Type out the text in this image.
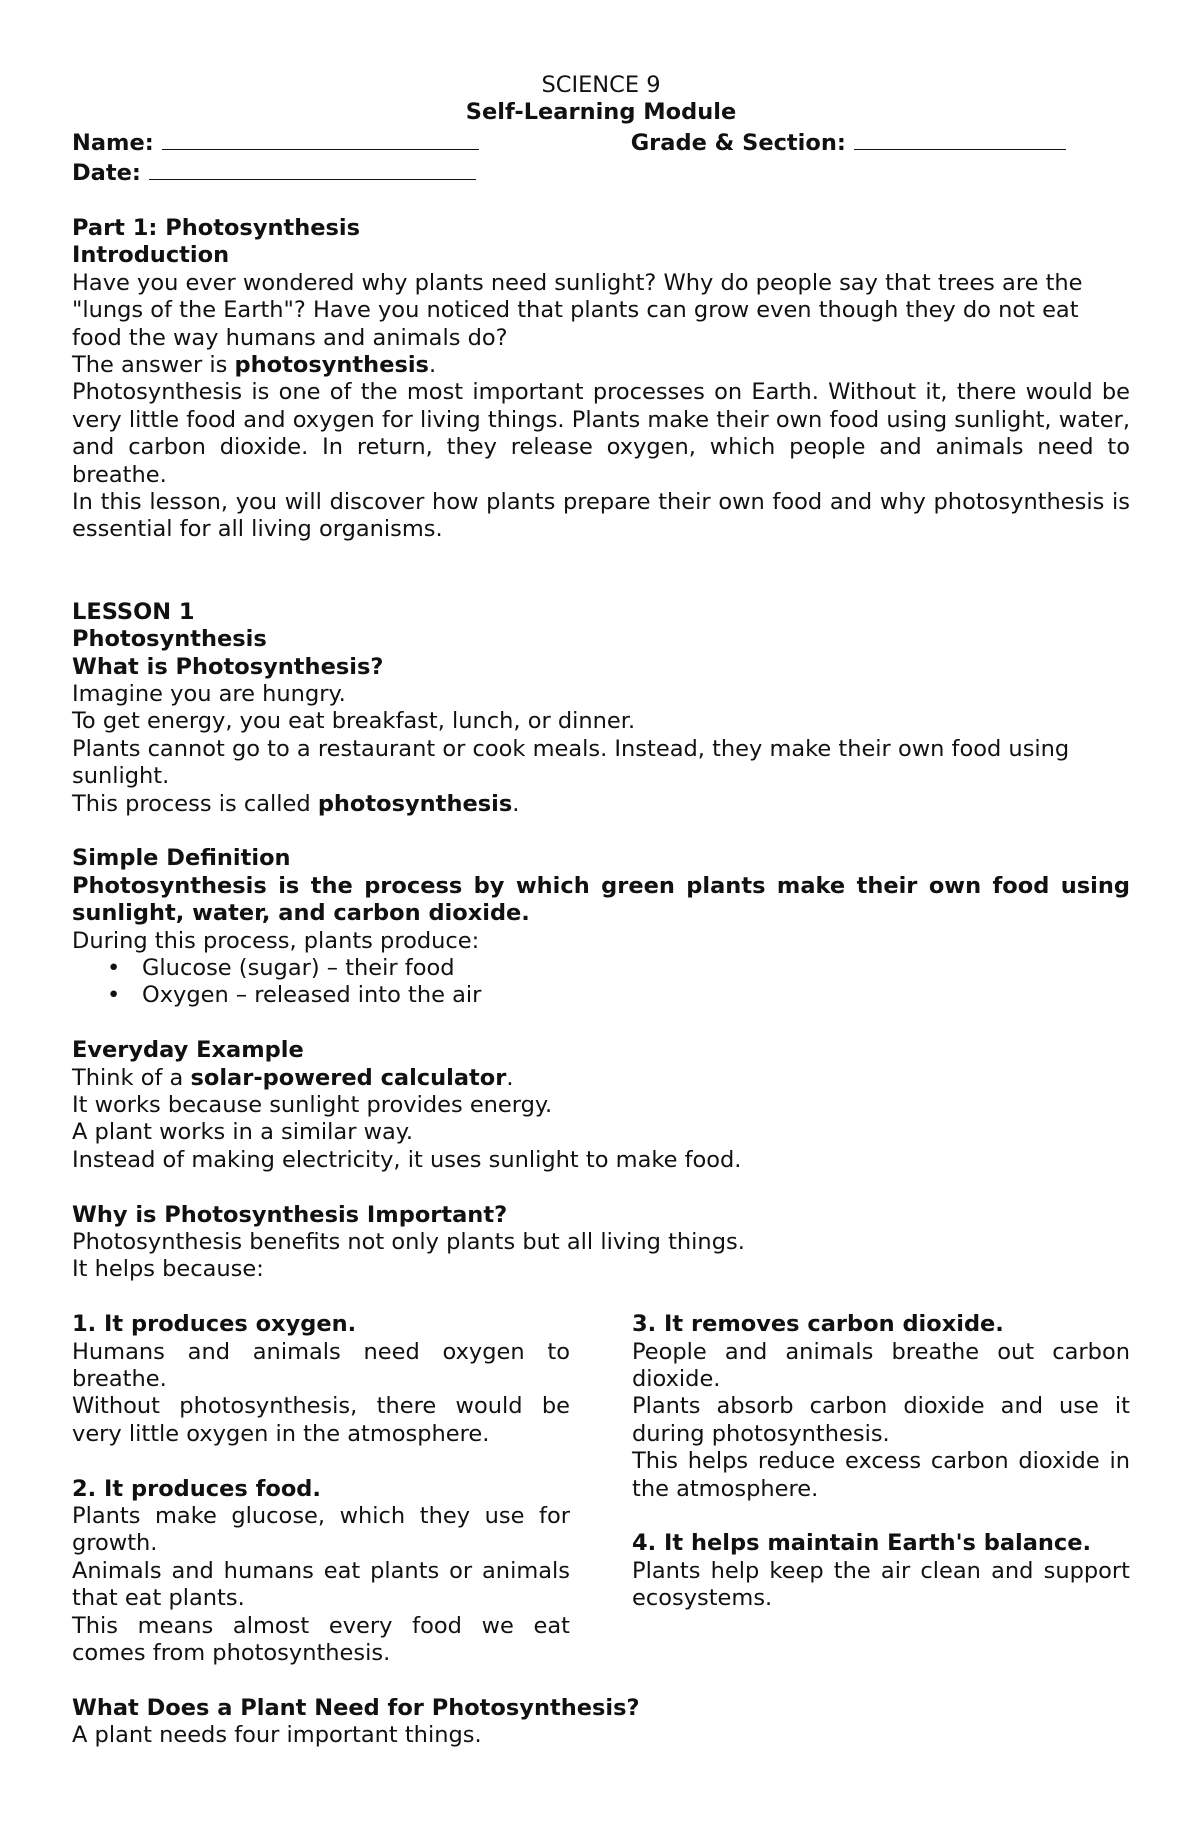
SCIENCE 9

Self-Learning Module

Name:	Grade & Section:
Date:

Part 1: Photosynthesis

Introduction

Have you ever wondered why plants need sunlight? Why do people say that trees are the "lungs of the Earth"? Have you noticed that plants can grow even though they do not eat food the way humans and animals do?

The answer is photosynthesis.

Photosynthesis is one of the most important processes on Earth. Without it, there would be very little food and oxygen for living things. Plants make their own food using sunlight, water, and carbon dioxide. In return, they release oxygen, which people and animals need to breathe.

In this lesson, you will discover how plants prepare their own food and why photosynthesis is essential for all living organisms.

LESSON 1

Photosynthesis

What is Photosynthesis?

Imagine you are hungry.

To get energy, you eat breakfast, lunch, or dinner.

Plants cannot go to a restaurant or cook meals. Instead, they make their own food using sunlight.

This process is called photosynthesis.

Simple Definition

Photosynthesis is the process by which green plants make their own food using sunlight, water, and carbon dioxide.

During this process, plants produce:

• Glucose (sugar) – their food
• Oxygen – released into the air

Everyday Example

Think of a solar-powered calculator.

It works because sunlight provides energy.

A plant works in a similar way.

Instead of making electricity, it uses sunlight to make food.

Why is Photosynthesis Important?

Photosynthesis benefits not only plants but all living things.

It helps because:

1. It produces oxygen.

Humans and animals need oxygen to breathe.

Without photosynthesis, there would be very little oxygen in the atmosphere.

2. It produces food.

Plants make glucose, which they use for growth.

Animals and humans eat plants or animals that eat plants.

This means almost every food we eat comes from photosynthesis.

3. It removes carbon dioxide.

People and animals breathe out carbon dioxide.

Plants absorb carbon dioxide and use it during photosynthesis.

This helps reduce excess carbon dioxide in the atmosphere.

4. It helps maintain Earth's balance.

Plants help keep the air clean and support ecosystems.

What Does a Plant Need for Photosynthesis?

A plant needs four important things.
